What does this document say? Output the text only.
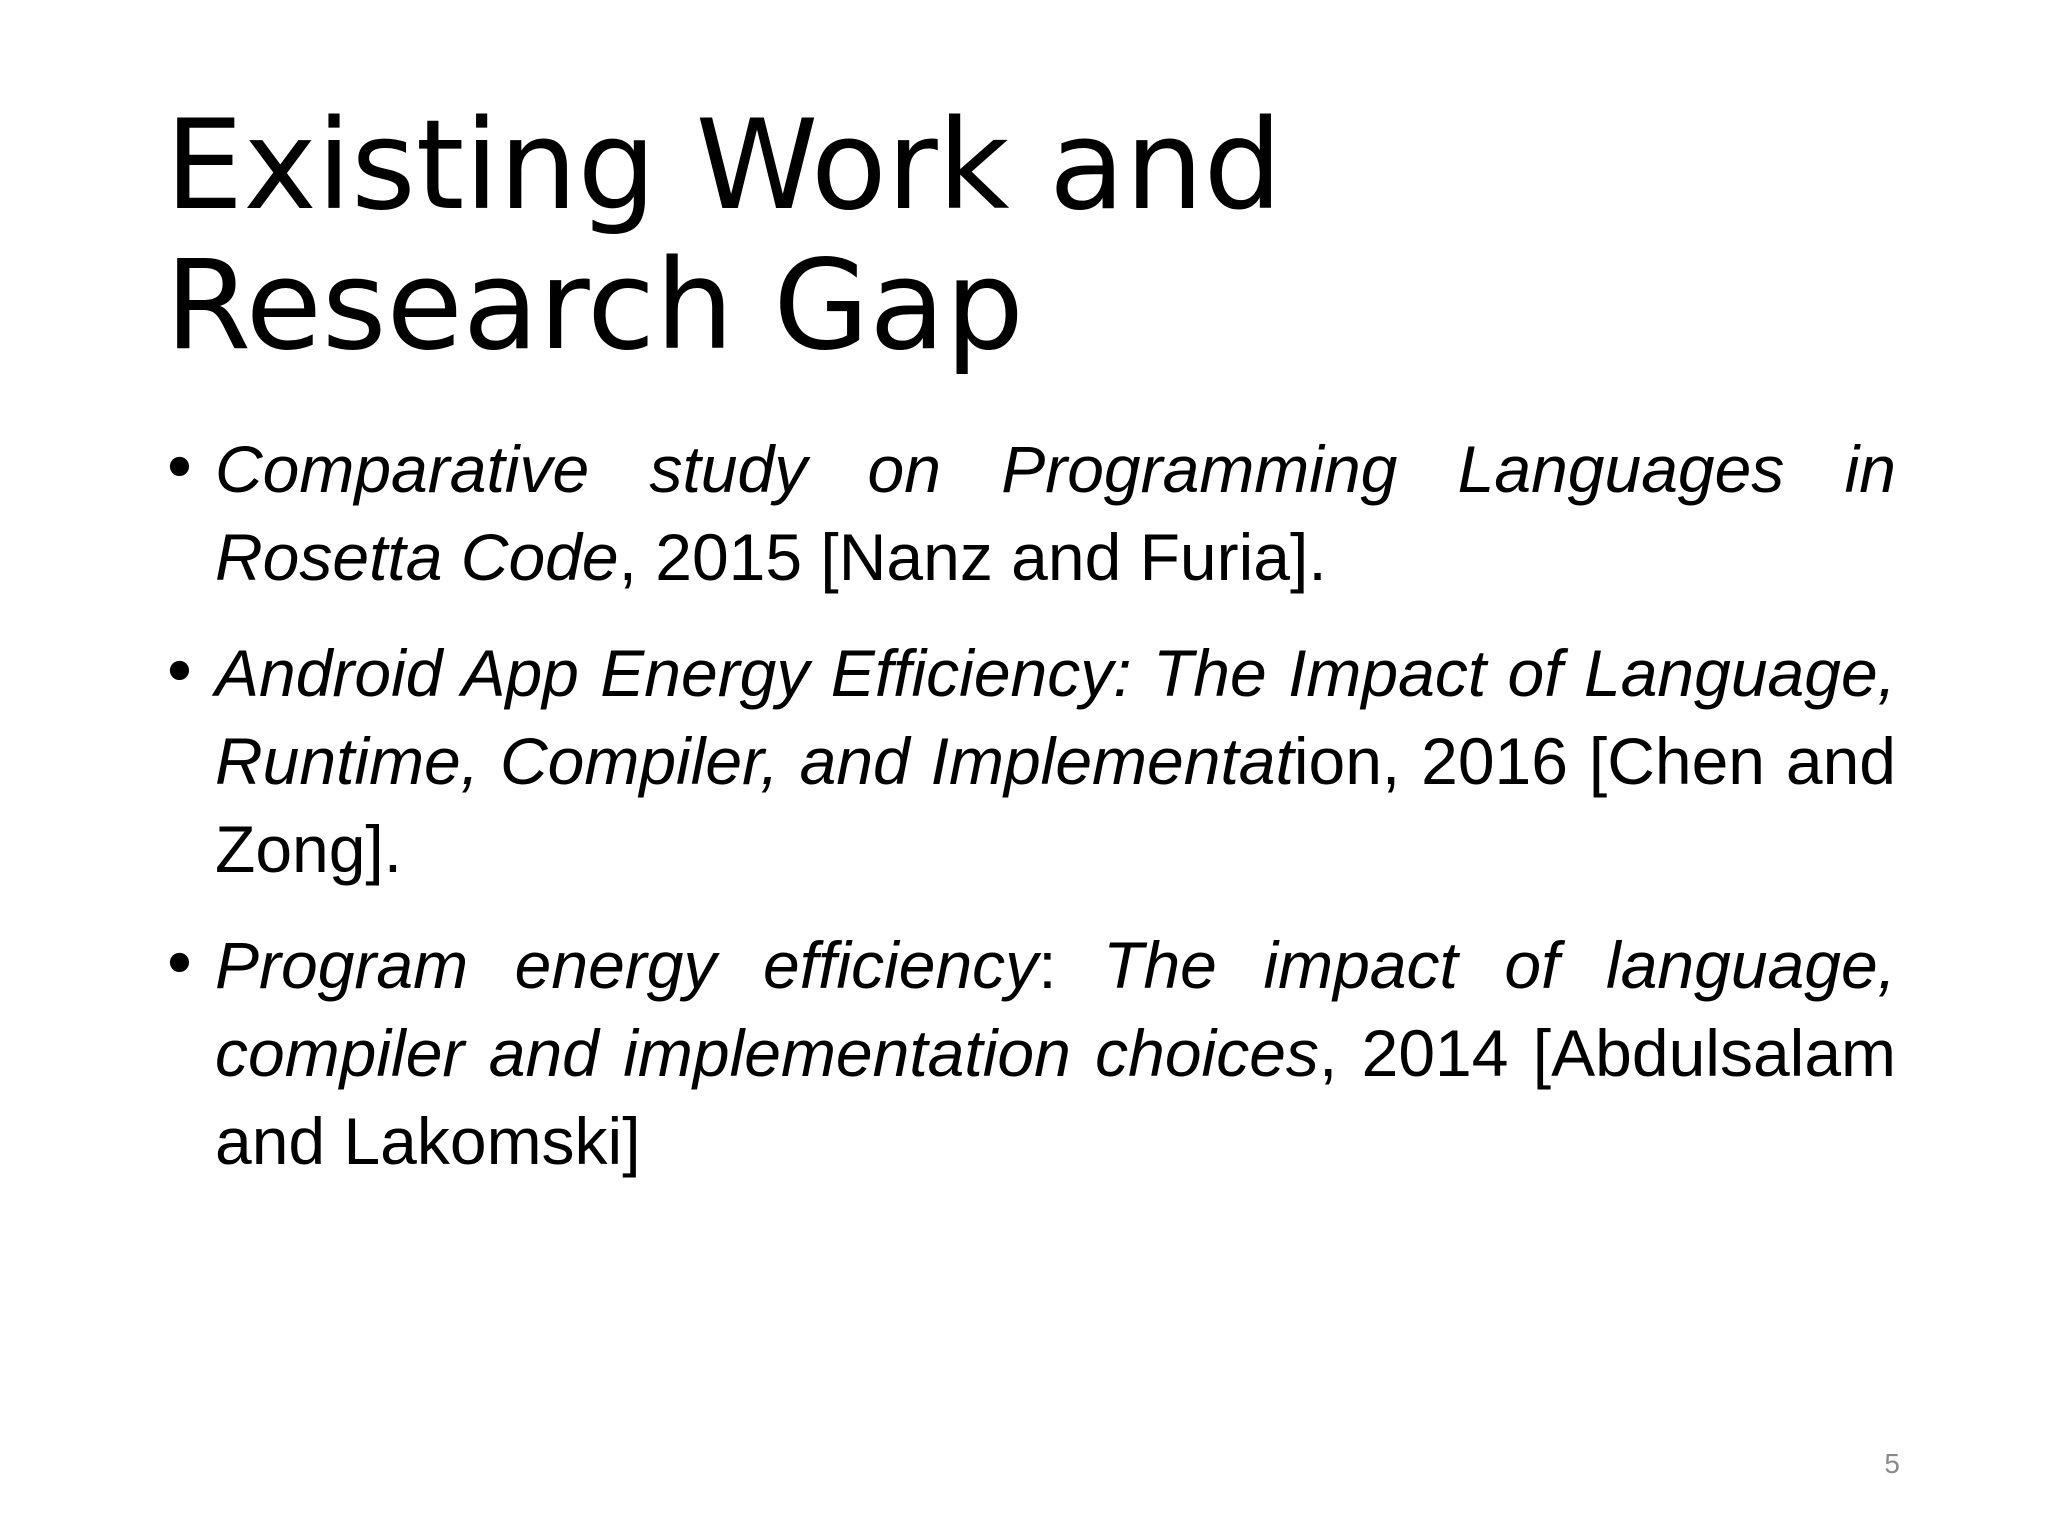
Existing Work and
Research Gap
• Comparative study on Programming Languages in Rosetta Code, 2015 [Nanz and Furia].
• Android App Energy Efficiency: The Impact of Language, Runtime, Compiler, and Implementation, 2016 [Chen and Zong].
• Program energy efficiency: The impact of language, compiler and implementation choices, 2014 [Abdulsalam and Lakomski]
5
